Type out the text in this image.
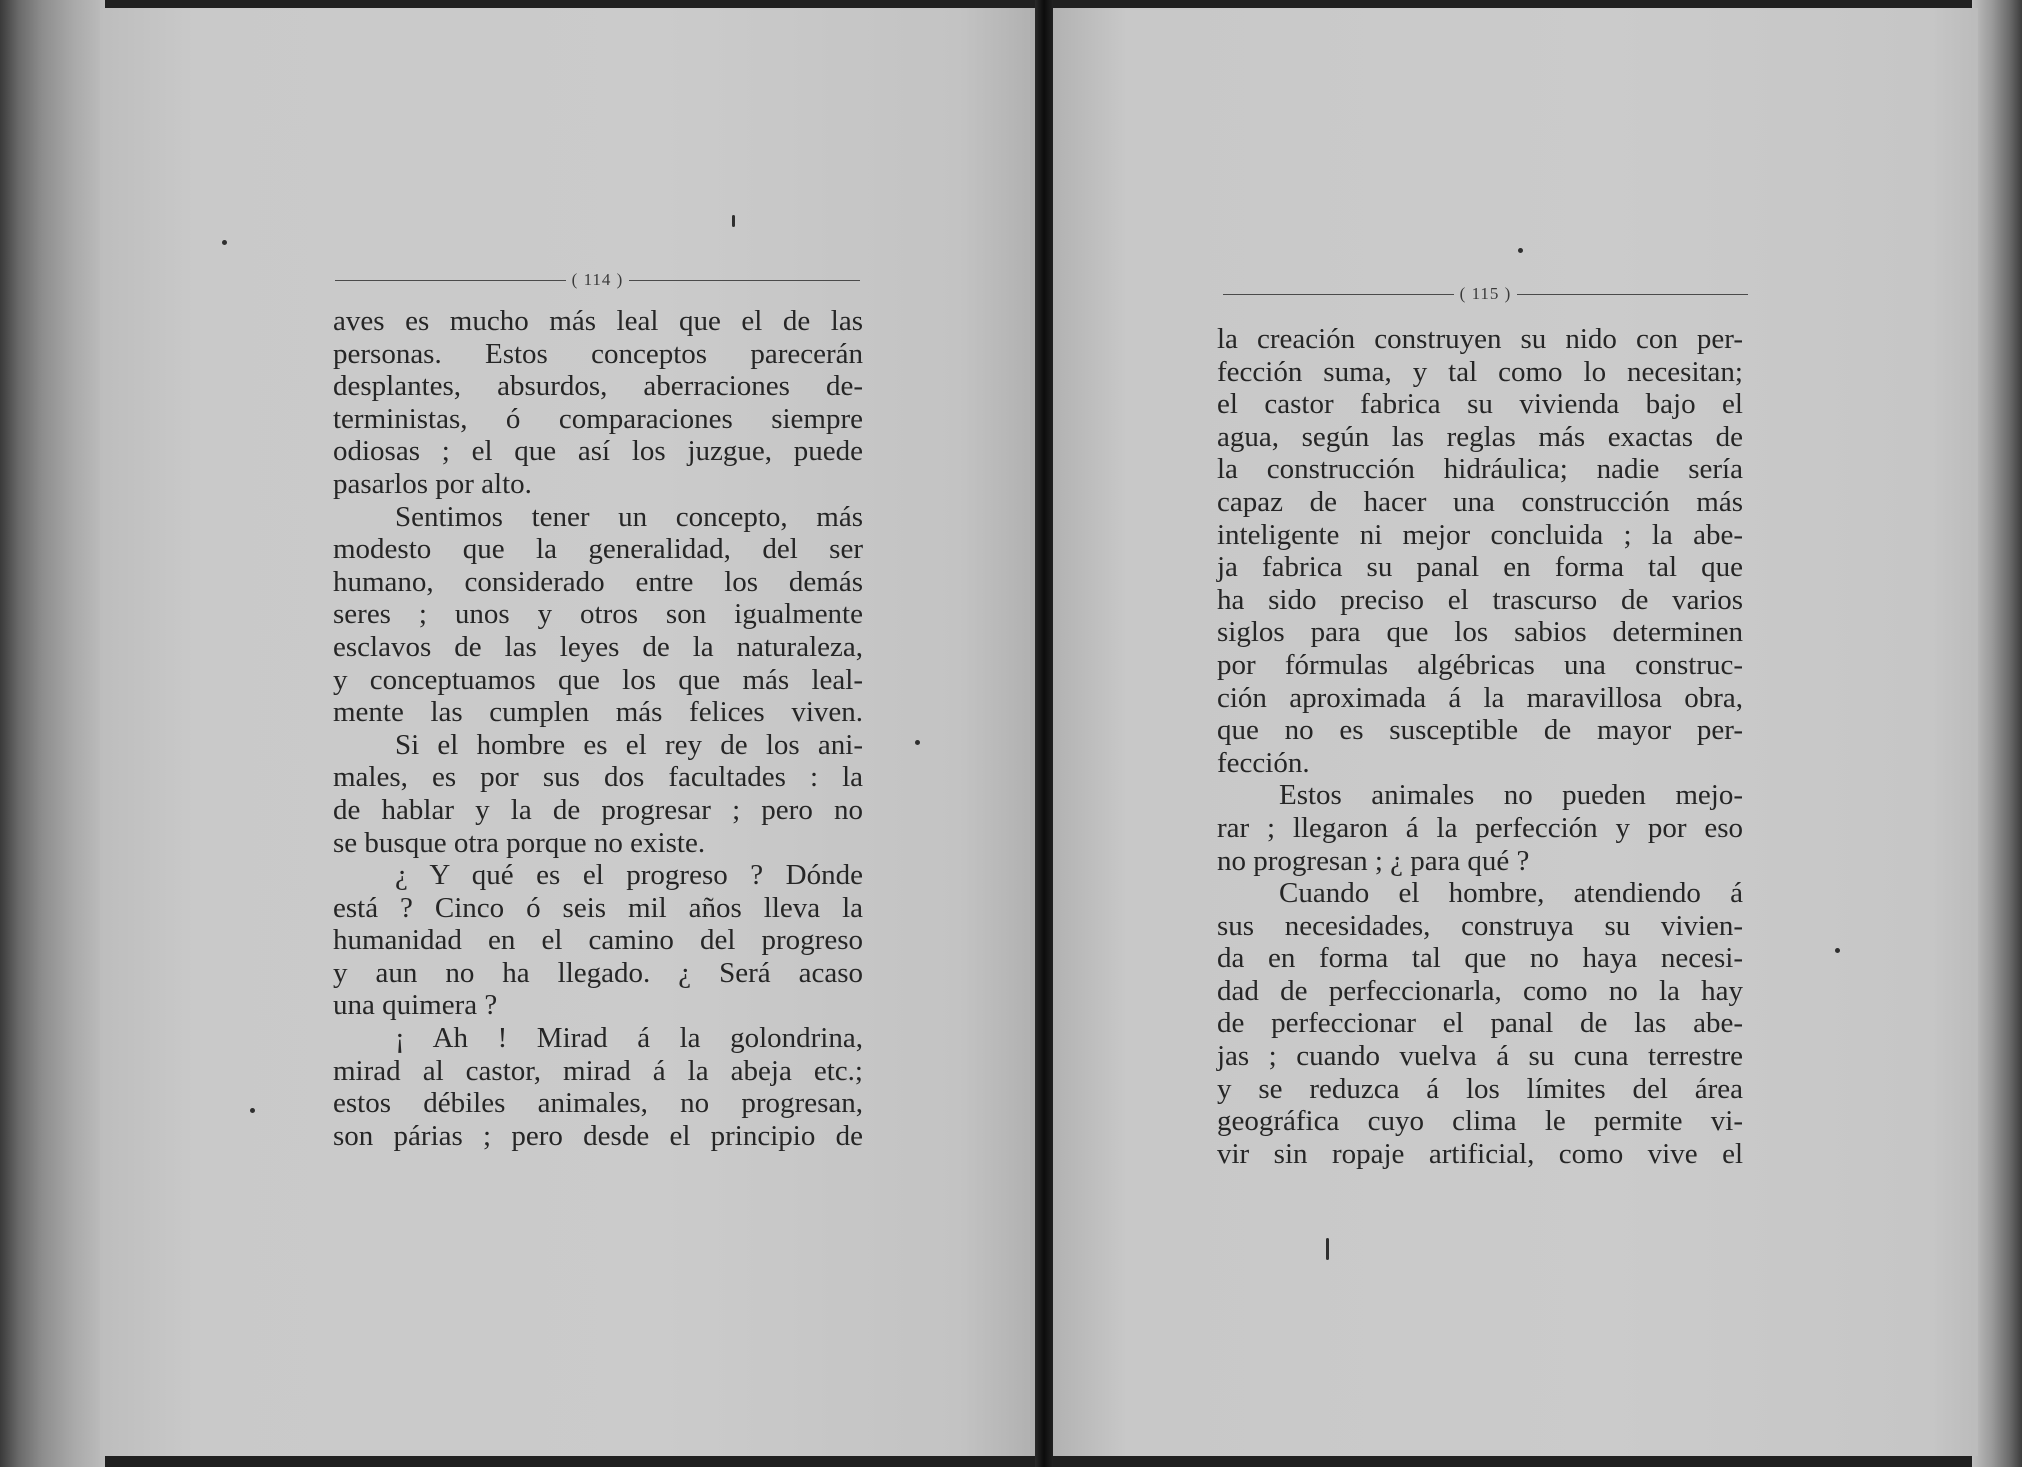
( 114 )
aves es mucho más leal que el de las
personas. Estos conceptos parecerán
desplantes, absurdos, aberraciones de-
terministas, ó comparaciones siempre
odiosas ; el que así los juzgue, puede
pasarlos por alto.
Sentimos tener un concepto, más
modesto que la generalidad, del ser
humano, considerado entre los demás
seres ; unos y otros son igualmente
esclavos de las leyes de la naturaleza,
y conceptuamos que los que más leal-
mente las cumplen más felices viven.
Si el hombre es el rey de los ani-
males, es por sus dos facultades : la
de hablar y la de progresar ; pero no
se busque otra porque no existe.
¿ Y qué es el progreso ? Dónde
está ? Cinco ó seis mil años lleva la
humanidad en el camino del progreso
y aun no ha llegado. ¿ Será acaso
una quimera ?
¡ Ah ! Mirad á la golondrina,
mirad al castor, mirad á la abeja etc.;
estos débiles animales, no progresan,
son párias ; pero desde el principio de
( 115 )
la creación construyen su nido con per-
fección suma, y tal como lo necesitan;
el castor fabrica su vivienda bajo el
agua, según las reglas más exactas de
la construcción hidráulica; nadie sería
capaz de hacer una construcción más
inteligente ni mejor concluida ; la abe-
ja fabrica su panal en forma tal que
ha sido preciso el trascurso de varios
siglos para que los sabios determinen
por fórmulas algébricas una construc-
ción aproximada á la maravillosa obra,
que no es susceptible de mayor per-
fección.
Estos animales no pueden mejo-
rar ; llegaron á la perfección y por eso
no progresan ; ¿ para qué ?
Cuando el hombre, atendiendo á
sus necesidades, construya su vivien-
da en forma tal que no haya necesi-
dad de perfeccionarla, como no la hay
de perfeccionar el panal de las abe-
jas ; cuando vuelva á su cuna terrestre
y se reduzca á los límites del área
geográfica cuyo clima le permite vi-
vir sin ropaje artificial, como vive el
